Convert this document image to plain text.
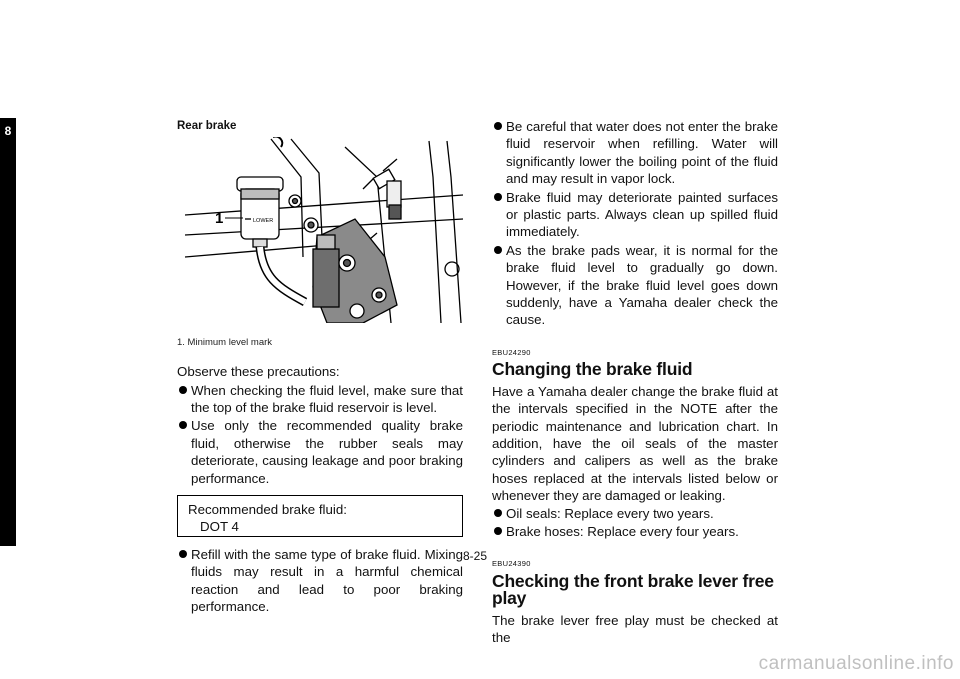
8	Rear brake
LOWER
1
1. Minimum level mark

Observe these precautions:

When checking the fluid level, make sure that the top of the brake fluid reservoir is level.
Use only the recommended quality brake fluid, otherwise the rubber seals may deteriorate, causing leakage and poor braking performance.
Recommended brake fluid:
DOT 4
Refill with the same type of brake fluid. Mixing fluids may result in a harmful chemical reaction and lead to poor braking performance.
Be careful that water does not enter the brake fluid reservoir when refilling. Water will significantly lower the boiling point of the fluid and may result in vapor lock.
Brake fluid may deteriorate painted surfaces or plastic parts. Always clean up spilled fluid immediately.
As the brake pads wear, it is normal for the brake fluid level to gradually go down. However, if the brake fluid level goes down suddenly, have a Yamaha dealer check the cause.
EBU24290
Changing the brake fluid

Have a Yamaha dealer change the brake fluid at the intervals specified in the NOTE after the periodic maintenance and lubrication chart. In addition, have the oil seals of the master cylinders and calipers as well as the brake hoses replaced at the intervals listed below or whenever they are damaged or leaking.

Oil seals: Replace every two years.
Brake hoses: Replace every four years.
EBU24390
Checking the front brake lever free play

The brake lever free play must be checked at the

8-25
carmanualsonline.info
